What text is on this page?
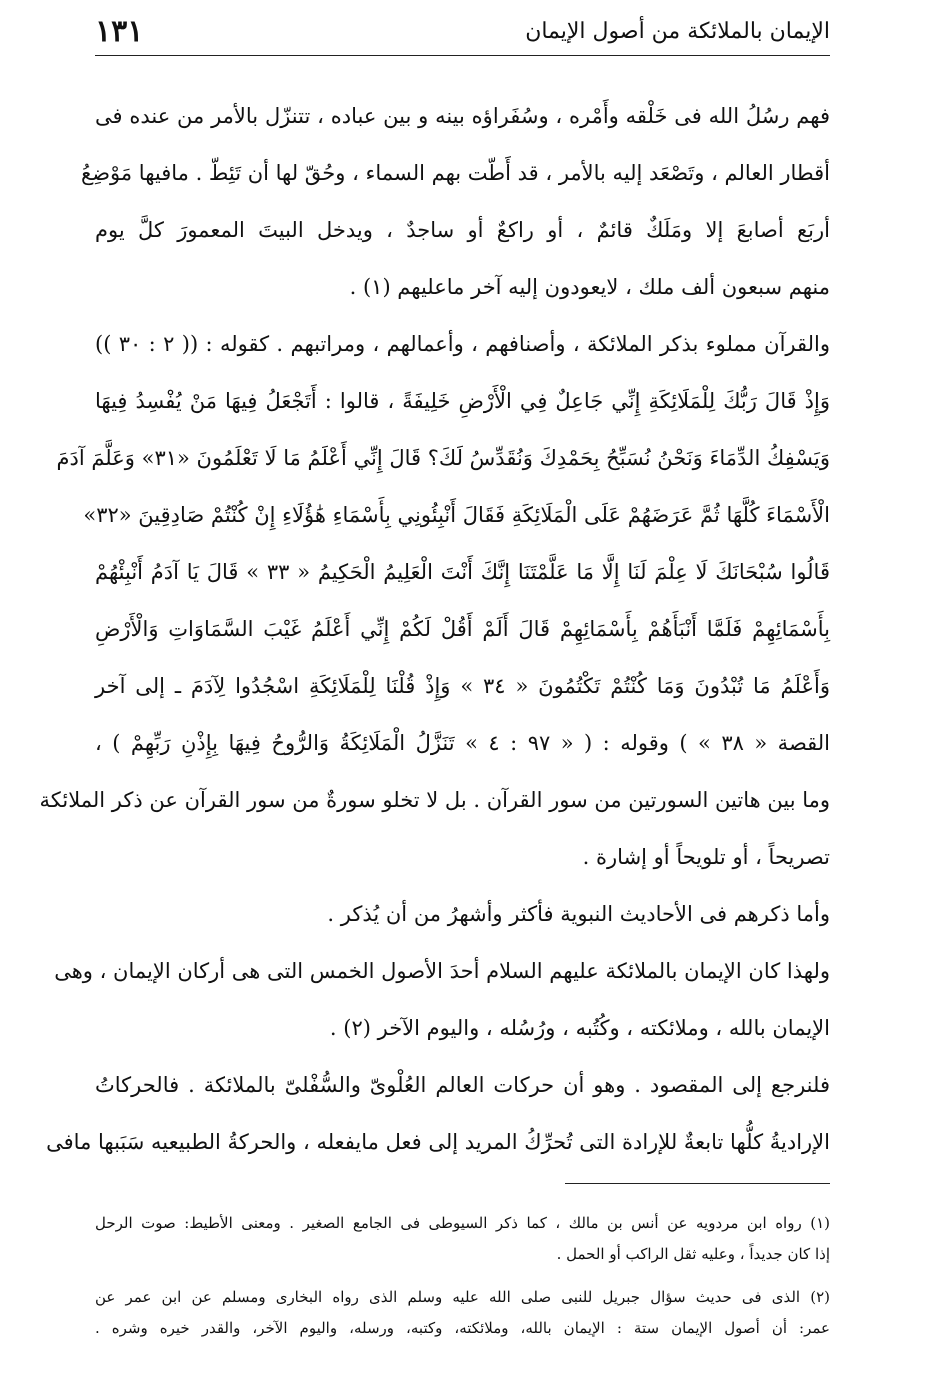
١٣١	الإيمان بالملائكة من أصول الإيمان
فهم رسُلُ الله فى خَلْقه وأَمْره ، وسُفَراؤه بينه و بين عباده ، تتنزّل بالأمر من عنده فى
أقطار العالم ، وتَصْعَد إليه بالأمر ، قد أَطّت بهم السماء ، وحُقّ لها أن تَئِطّ . مافيها مَوْضِعُ
أربَع أصابعَ إلا ومَلَكٌ قائمٌ ، أو راكعٌ أو ساجدٌ ، ويدخل البيتَ المعمورَ كلَّ يوم
منهم سبعون ألف ملك ، لايعودون إليه آخر ماعليهم (١) .
والقرآن مملوء بذكر الملائكة ، وأصنافهم ، وأعمالهم ، ومراتبهم . كقوله : (( ٢ : ٣٠ ))
وَإِذْ قَالَ رَبُّكَ لِلْمَلَائِكَةِ إِنِّي جَاعِلٌ فِي الْأَرْضِ خَلِيفَةً ، قالوا : أَتَجْعَلُ فِيهَا مَنْ يُفْسِدُ فِيهَا
وَيَسْفِكُ الدِّمَاءَ وَنَحْنُ نُسَبِّحُ بِحَمْدِكَ وَنُقَدِّسُ لَكَ؟ قَالَ إِنِّي أَعْلَمُ مَا لَا تَعْلَمُونَ «٣١» وَعَلَّمَ آدَمَ
الْأَسْمَاءَ كُلَّهَا ثُمَّ عَرَضَهُمْ عَلَى الْمَلَائِكَةِ فَقَالَ أَنْبِئُونِي بِأَسْمَاءِ هَٰؤُلَاءِ إِنْ كُنْتُمْ صَادِقِينَ «٣٢»
قَالُوا سُبْحَانَكَ لَا عِلْمَ لَنَا إِلَّا مَا عَلَّمْتَنَا إِنَّكَ أَنْتَ الْعَلِيمُ الْحَكِيمُ « ٣٣ » قَالَ يَا آدَمُ أَنْبِئْهُمْ
بِأَسْمَائِهِمْ فَلَمَّا أَنْبَأَهُمْ بِأَسْمَائِهِمْ قَالَ أَلَمْ أَقُلْ لَكُمْ إِنِّي أَعْلَمُ غَيْبَ السَّمَاوَاتِ وَالْأَرْضِ
وَأَعْلَمُ مَا تُبْدُونَ وَمَا كُنْتُمْ تَكْتُمُونَ « ٣٤ » وَإِذْ قُلْنَا لِلْمَلَائِكَةِ اسْجُدُوا لِآدَمَ ـ إلى آخر
القصة « ٣٨ » ) وقوله : ( « ٩٧ : ٤ » تَنَزَّلُ الْمَلَائِكَةُ وَالرُّوحُ فِيهَا بِإِذْنِ رَبِّهِمْ ) ،
وما بين هاتين السورتين من سور القرآن . بل لا تخلو سورةٌ من سور القرآن عن ذكر الملائكة
تصريحاً ، أو تلويحاً أو إشارة .
وأما ذكرهم فى الأحاديث النبوية فأكثر وأشهرُ من أن يُذكر .
ولهذا كان الإيمان بالملائكة عليهم السلام أحدَ الأصول الخمس التى هى أركان الإيمان ، وهى
الإيمان بالله ، وملائكته ، وكُتُبه ، ورُسُله ، واليوم الآخر (٢) .
فلنرجع إلى المقصود . وهو أن حركات العالم العُلْوىّ والسُّفْلىّ بالملائكة . فالحركاتُ
الإراديةُ كلُّها تابعةٌ للإرادة التى تُحرِّكُ المريد إلى فعل مايفعله ، والحركةُ الطبيعيه سَبَبها مافى
(١) رواه ابن مردويه عن أنس بن مالك ، كما ذكر السيوطى فى الجامع الصغير . ومعنى الأطيط: صوت الرحل
إذا كان جديداً ، وعليه ثقل الراكب أو الحمل .
(٢) الذى فى حديث سؤال جبريل للنبى صلى الله عليه وسلم الذى رواه البخارى ومسلم عن ابن عمر عن
عمر: أن أصول الإيمان ستة : الإيمان بالله، وملائكته، وكتبه، ورسله، واليوم الآخر، والقدر خيره وشره .
